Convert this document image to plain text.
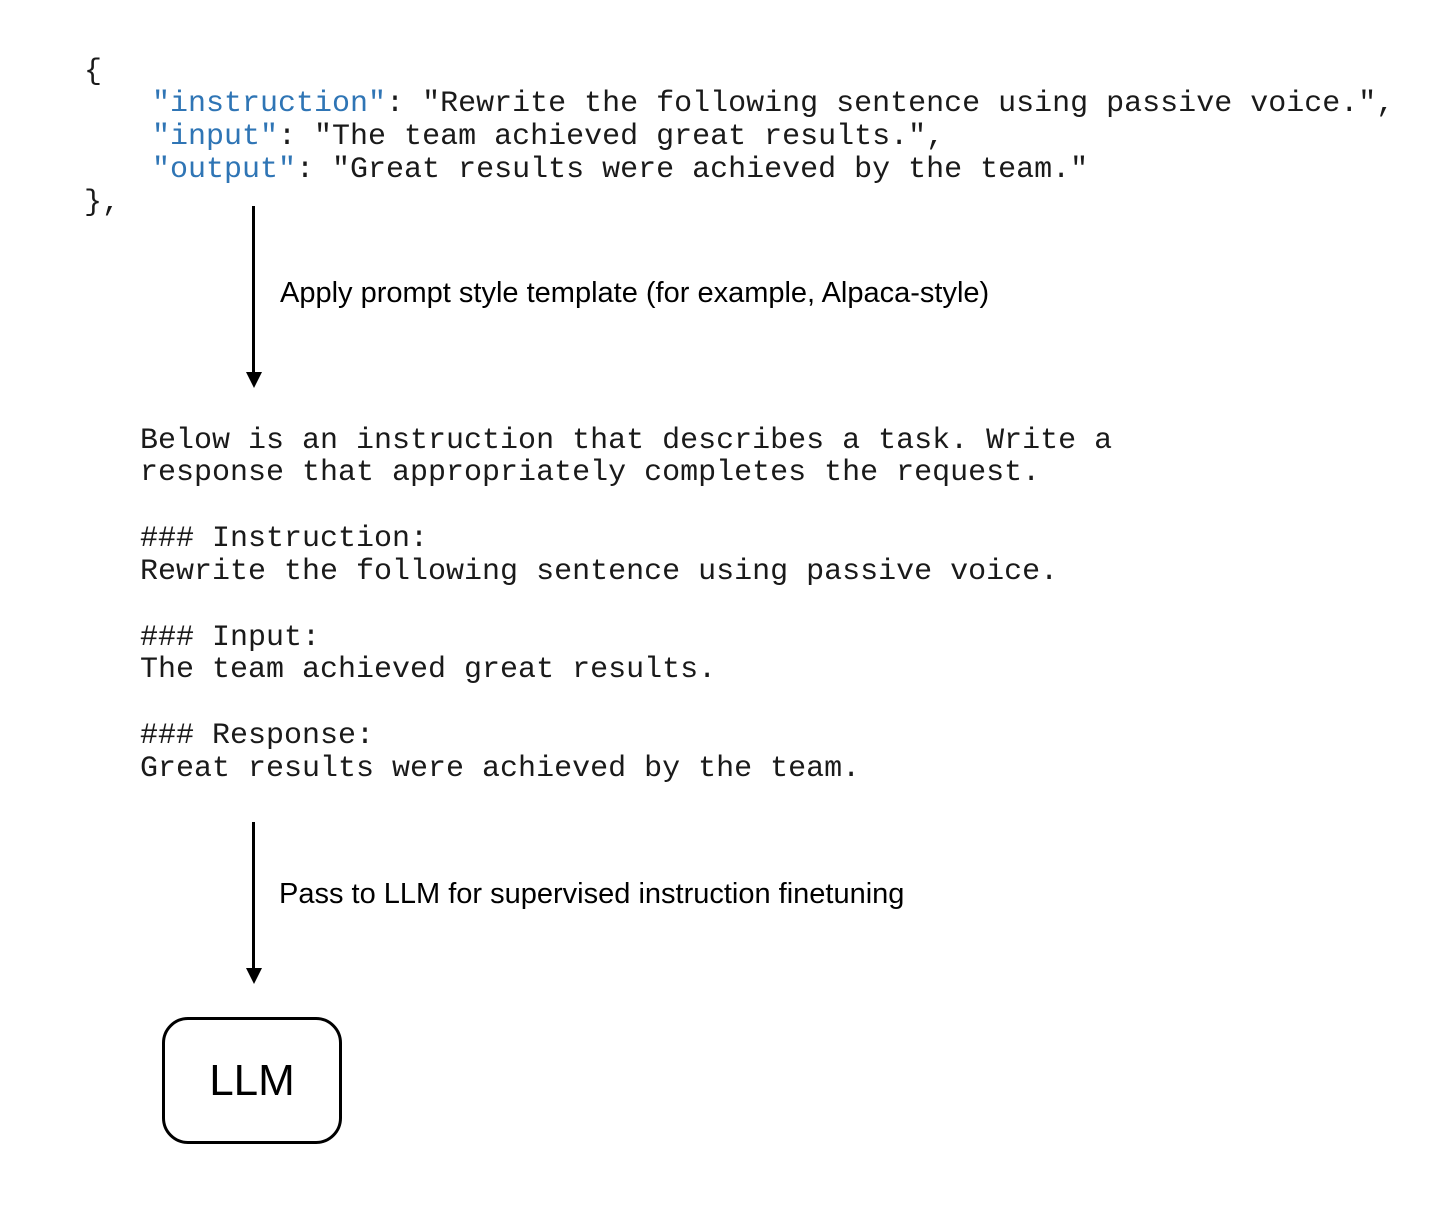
{

"instruction": "Rewrite the following sentence using passive voice.",

"input": "The team achieved great results.",

"output": "Great results were achieved by the team."

},

Apply prompt style template (for example, Alpaca-style)

Below is an instruction that describes a task. Write a

response that appropriately completes the request.

### Instruction:

Rewrite the following sentence using passive voice.

### Input:

The team achieved great results.

### Response:

Great results were achieved by the team.

Pass to LLM for supervised instruction finetuning
LLM
